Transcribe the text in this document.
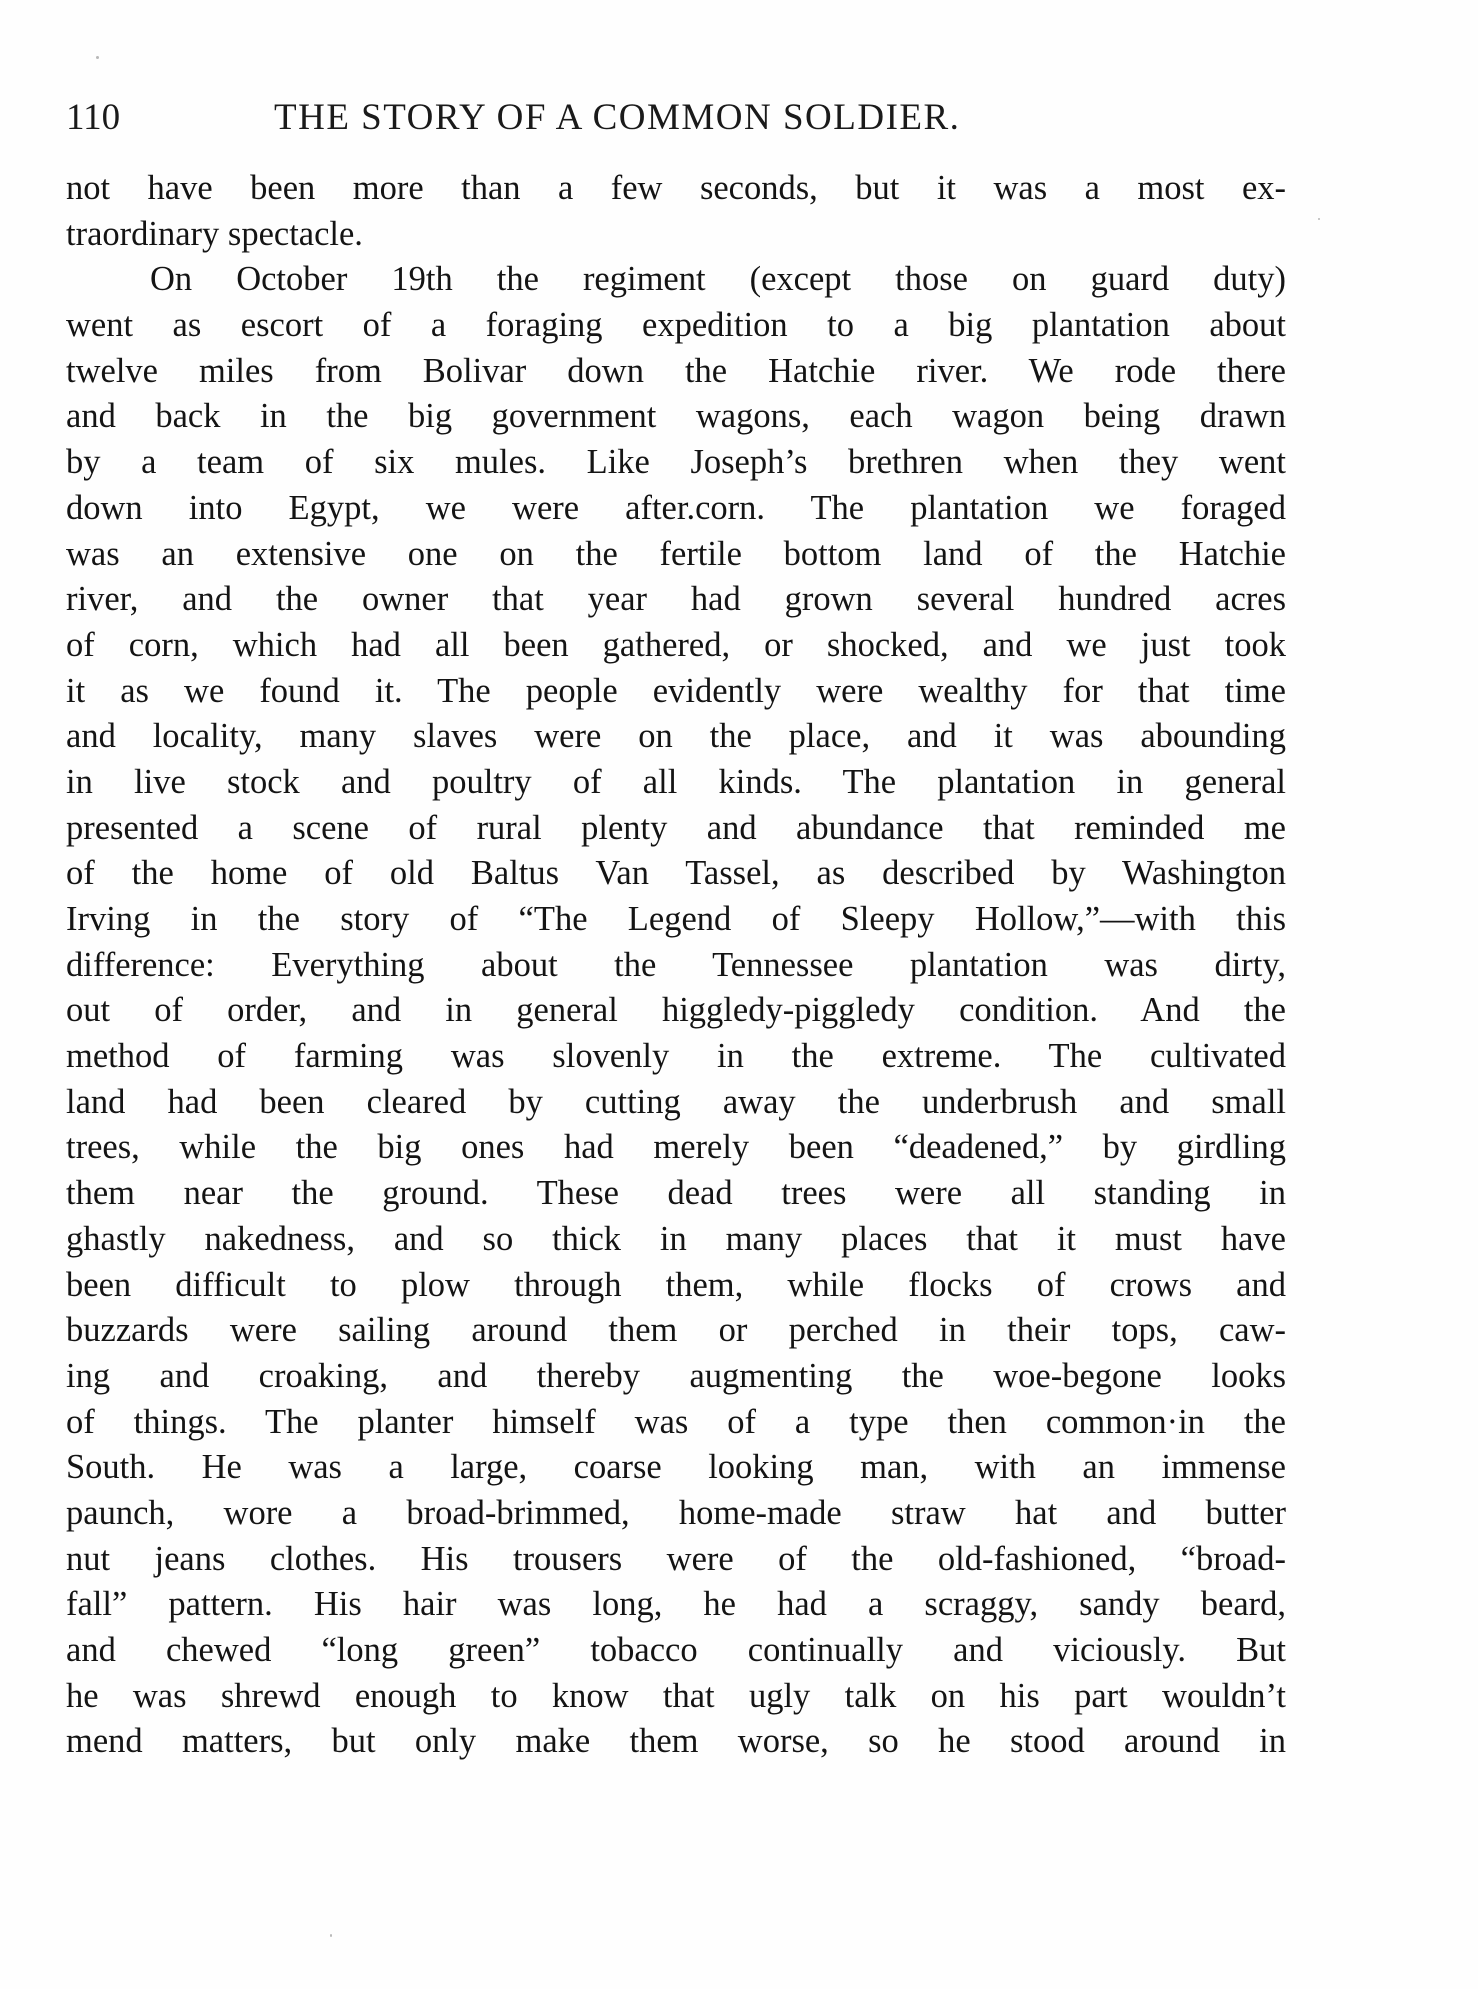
110	THE STORY OF A COMMON SOLDIER.
not have been more than a few seconds, but it was a most ex-
traordinary spectacle.
On October 19th the regiment (except those on guard duty)
went as escort of a foraging expedition to a big plantation about
twelve miles from Bolivar down the Hatchie river. We rode there
and back in the big government wagons, each wagon being drawn
by a team of six mules. Like Joseph’s brethren when they went
down into Egypt, we were after.corn. The plantation we foraged
was an extensive one on the fertile bottom land of the Hatchie
river, and the owner that year had grown several hundred acres
of corn, which had all been gathered, or shocked, and we just took
it as we found it. The people evidently were wealthy for that time
and locality, many slaves were on the place, and it was abounding
in live stock and poultry of all kinds. The plantation in general
presented a scene of rural plenty and abundance that reminded me
of the home of old Baltus Van Tassel, as described by Washington
Irving in the story of “The Legend of Sleepy Hollow,”—with this
difference: Everything about the Tennessee plantation was dirty,
out of order, and in general higgledy-piggledy condition. And the
method of farming was slovenly in the extreme. The cultivated
land had been cleared by cutting away the underbrush and small
trees, while the big ones had merely been “deadened,” by girdling
them near the ground. These dead trees were all standing in
ghastly nakedness, and so thick in many places that it must have
been difficult to plow through them, while flocks of crows and
buzzards were sailing around them or perched in their tops, caw-
ing and croaking, and thereby augmenting the woe-begone looks
of things. The planter himself was of a type then common·in the
South. He was a large, coarse looking man, with an immense
paunch, wore a broad-brimmed, home-made straw hat and butter
nut jeans clothes. His trousers were of the old-fashioned, “broad-
fall” pattern. His hair was long, he had a scraggy, sandy beard,
and chewed “long green” tobacco continually and viciously. But
he was shrewd enough to know that ugly talk on his part wouldn’t
mend matters, but only make them worse, so he stood around in
